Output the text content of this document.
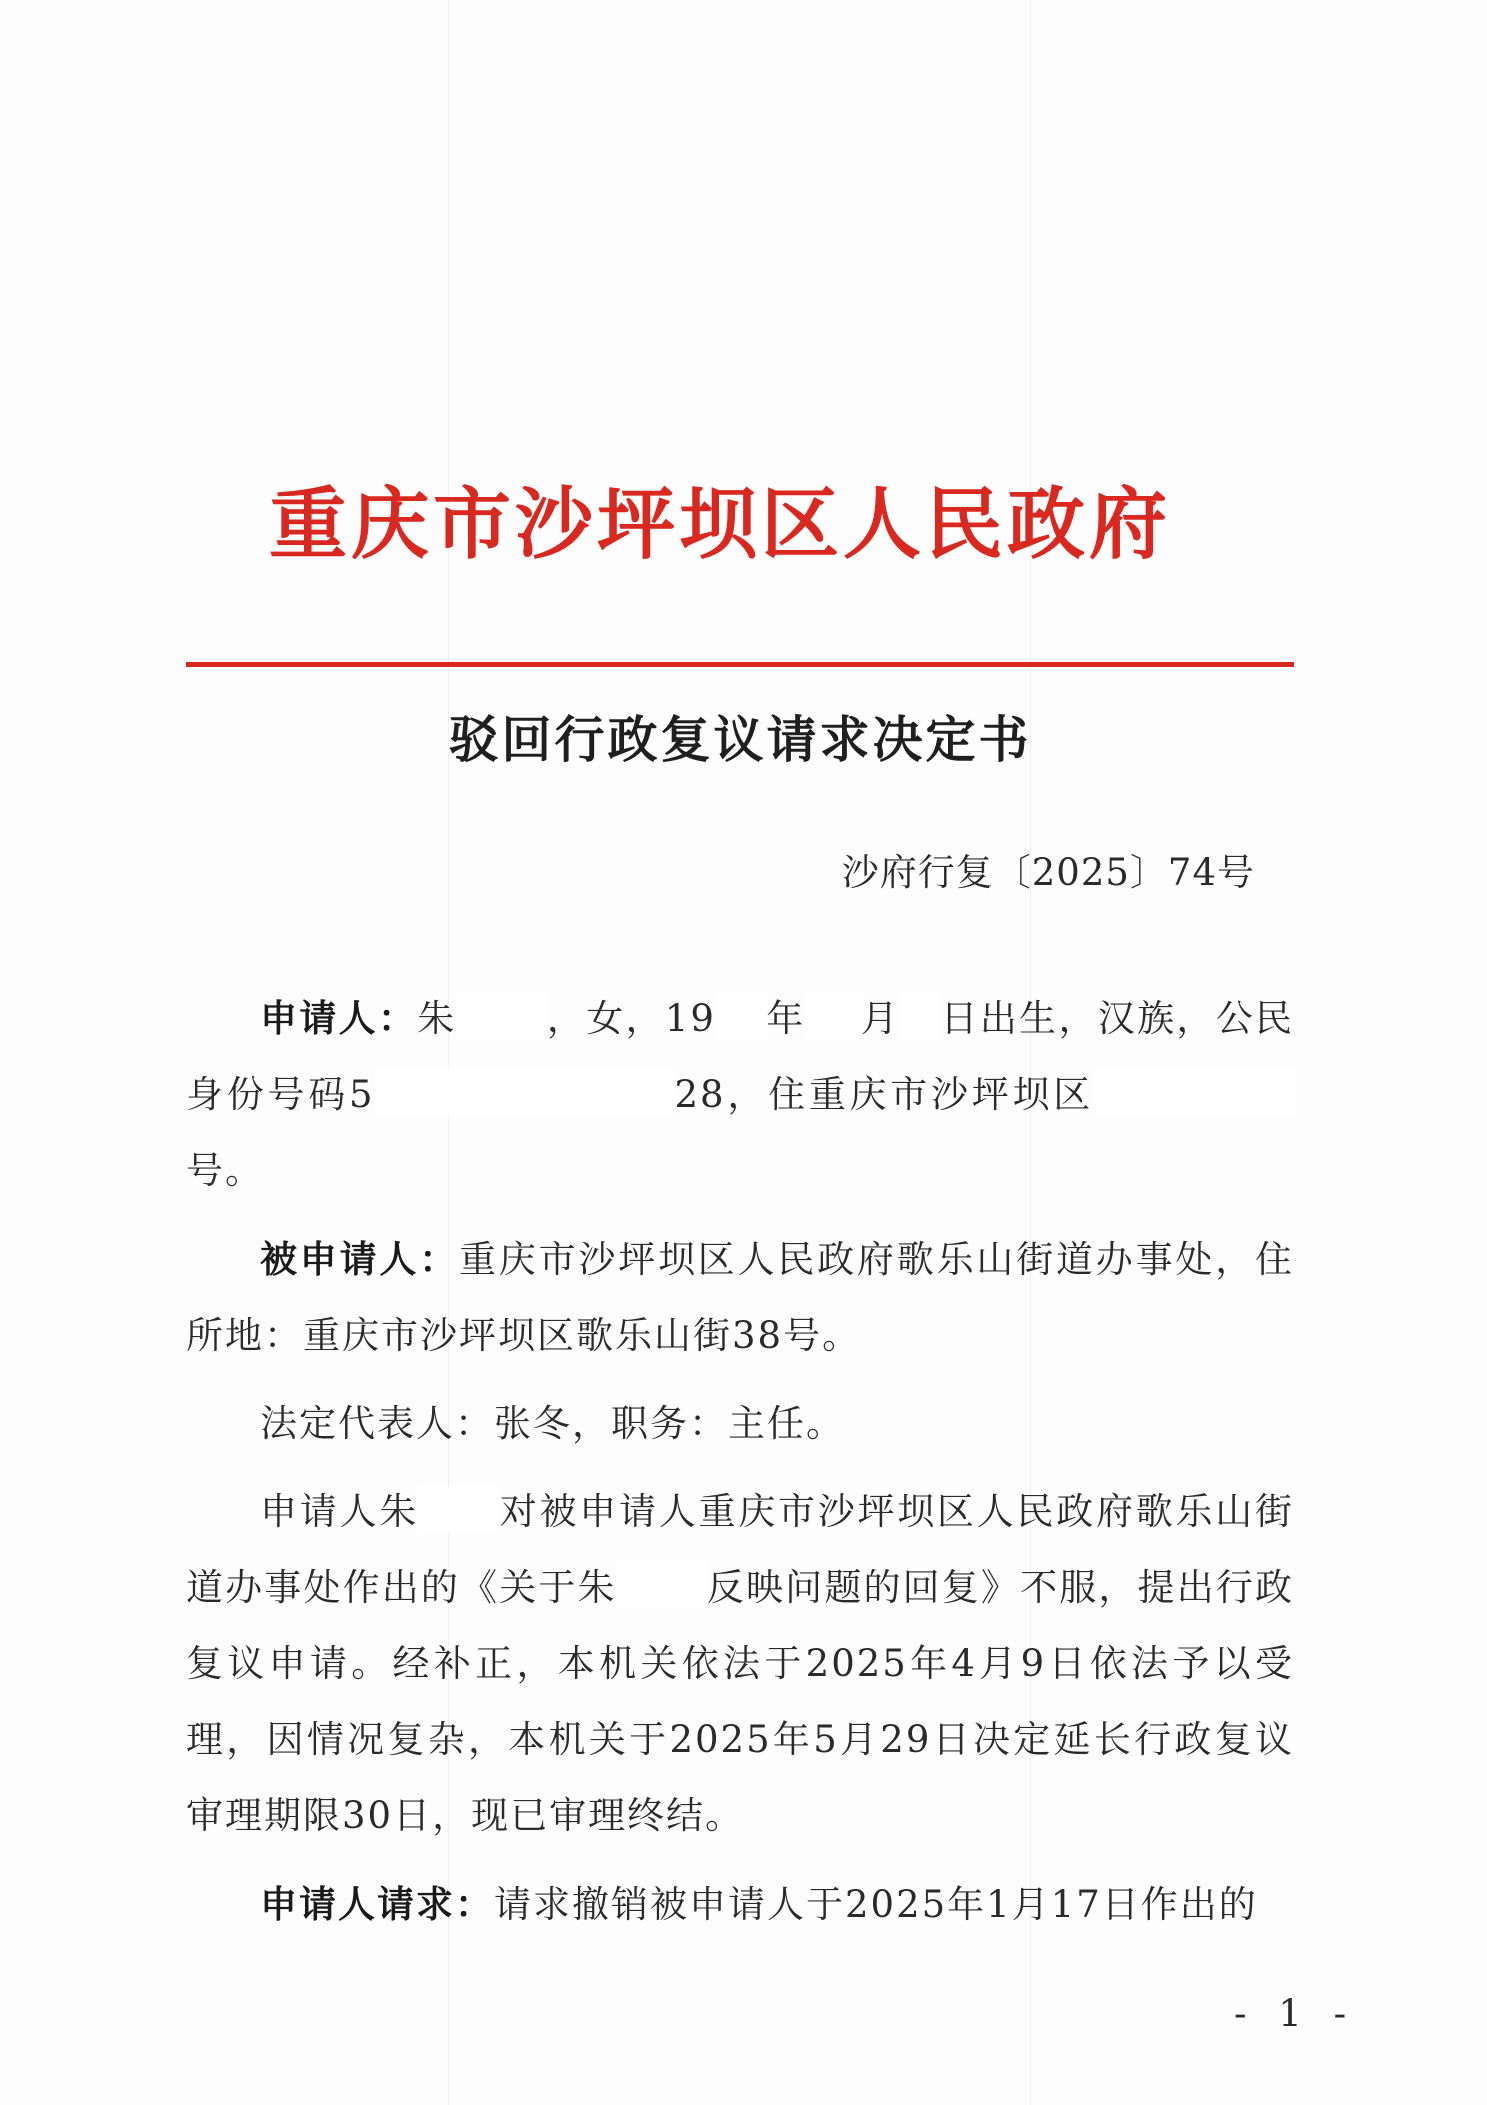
重庆市沙坪坝区人民政府
驳回行政复议请求决定书
沙府行复〔2025〕74号

申请人：朱 ，女，19 年 月 日出生，汉族，公民身份号码5	28，住重庆市沙坪坝区号。

被申请人：重庆市沙坪坝区人民政府歌乐山街道办事处，住所地：重庆市沙坪坝区歌乐山街38号。

法定代表人：张冬，职务：主任。

申请人朱 对被申请人重庆市沙坪坝区人民政府歌乐山街道办事处作出的《关于朱 反映问题的回复》不服，提出行政复议申请。经补正，本机关依法于2025年4月9日依法予以受理，因情况复杂，本机关于2025年5月29日决定延长行政复议审理期限30日，现已审理终结。

申请人请求：请求撤销被申请人于2025年1月17日作出的

- 1 -
